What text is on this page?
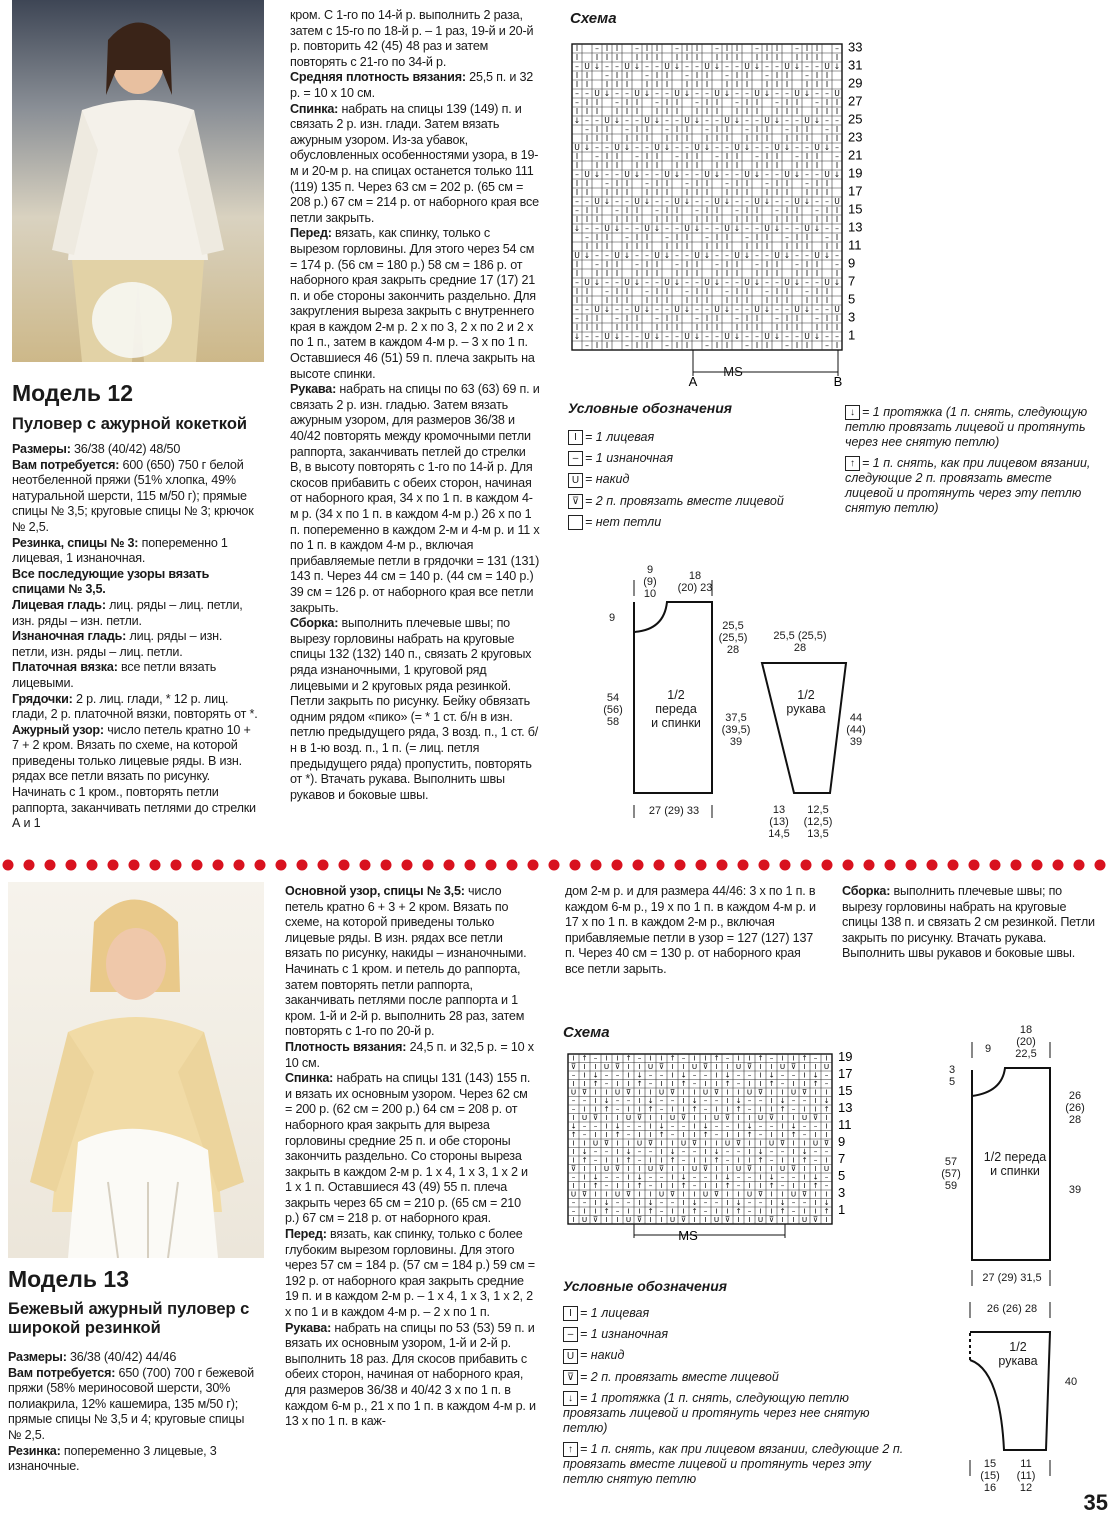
Модель 12
Пуловер с ажурной кокеткой

Размеры: 36/38 (40/42) 48/50

Вам потребуется: 600 (650) 750 г белой неотбеленной пряжи (51% хлопка, 49% натуральной шерсти, 115 м/50 г); прямые спицы № 3,5; круговые спицы № 3; крючок № 2,5.

Резинка, спицы № 3: попеременно 1 лицевая, 1 изнаночная.

Все последующие узоры вязать спицами № 3,5.

Лицевая гладь: лиц. ряды – лиц. петли, изн. ряды – изн. петли.

Изнаночная гладь: лиц. ряды – изн. петли, изн. ряды – лиц. петли.

Платочная вязка: все петли вязать лицевыми.

Грядочки: 2 р. лиц. глади, * 12 р. лиц. глади, 2 р. платочной вязки, повторять от *.

Ажурный узор: число петель кратно 10 + 7 + 2 кром. Вязать по схеме, на которой приведены только лицевые ряды. В изн. рядах все петли вязать по рисунку. Начинать с 1 кром., повторять петли раппорта, заканчивать петлями до стрелки А и 1

кром. С 1-го по 14-й р. выполнить 2 раза, затем с 15-го по 18-й р. – 1 раз, 19-й и 20-й р. повторить 42 (45) 48 раз и затем повторять с 21-го по 34-й р.

Средняя плотность вязания: 25,5 п. и 32 р. = 10 x 10 см.

Спинка: набрать на спицы 139 (149) п. и связать 2 р. изн. глади. Затем вязать ажурным узором. Из-за убавок, обусловленных особенностями узора, в 19-м и 20-м р. на спицах останется только 111 (119) 135 п. Через 63 см = 202 р. (65 см = 208 р.) 67 см = 214 р. от наборного края все петли закрыть.

Перед: вязать, как спинку, только с вырезом горловины. Для этого через 54 см = 174 р. (56 см = 180 р.) 58 см = 186 р. от наборного края закрыть средние 17 (17) 21 п. и обе стороны закончить раздельно. Для закругления выреза закрыть с внутреннего края в каждом 2-м р. 2 x по 3, 2 x по 2 и 2 x по 1 п., затем в каждом 4-м р. – 3 x по 1 п. Оставшиеся 46 (51) 59 п. плеча закрыть на высоте спинки.

Рукава: набрать на спицы по 63 (63) 69 п. и связать 2 р. изн. гладью. Затем вязать ажурным узором, для размеров 36/38 и 40/42 повторять между кромочными петли раппорта, заканчивать петлей до стрелки В, в высоту повторять с 1-го по 14-й р. Для скосов прибавить с обеих сторон, начиная от наборного края, 34 x по 1 п. в каждом 4-м р. (34 x по 1 п. в каждом 4-м р.) 26 x по 1 п. попеременно в каждом 2-м и 4-м р. и 11 x по 1 п. в каждом 4-м р., включая прибавляемые петли в грядочки = 131 (131) 143 п. Через 44 см = 140 р. (44 см = 140 р.) 39 см = 126 р. от наборного края все петли закрыть.

Сборка: выполнить плечевые швы; по вырезу горловины набрать на круговые спицы 132 (132) 140 п., связать 2 круговых ряда изнаночными, 1 круговой ряд лицевыми и 2 круговых ряда резинкой. Петли закрыть по рисунку. Бейку обвязать одним рядом «пико» (= * 1 ст. б/н в изн. петлю предыдущего ряда, 3 возд. п., 1 ст. б/н в 1-ю возд. п., 1 п. (= лиц. петля предыдущего ряда) пропустить, повторять от *). Втачать рукава. Выполнить швы рукавов и боковые швы.

Схема
I – I I – I I – I I – I I – I I – I I –
I I I I I I I I I I I I I I I I I I I I
– U ↓ – – U ↓ – – U ↓ – – U ↓ – – U ↓ – – U ↓ – – U ↓
I I – I I – I I – I I – I I – I I – I I
I I I I I I I I I I I I I I I I I I I I
– – U ↓ – – U ↓ – – U ↓ – – U ↓ – – U ↓ – – U ↓ – – U
– I I – I I – I I – I I – I I – I I – I I
I I I I I I I I I I I I I I I I I I I I I
↓ – – U ↓ – – U ↓ – – U ↓ – – U ↓ – – U ↓ – – U ↓ – –
– I I – I I – I I – I I – I I – I I – I
I I I I I I I I I I I I I I I I I I I I
U ↓ – – U ↓ – – U ↓ – – U ↓ – – U ↓ – – U ↓ – – U ↓ –
I – I I – I I – I I – I I – I I – I I –
I I I I I I I I I I I I I I I I I I I I
– U ↓ – – U ↓ – – U ↓ – – U ↓ – – U ↓ – – U ↓ – – U ↓
I I – I I – I I – I I – I I – I I – I I
I I I I I I I I I I I I I I I I I I I I
– – U ↓ – – U ↓ – – U ↓ – – U ↓ – – U ↓ – – U ↓ – – U
– I I – I I – I I – I I – I I – I I – I I
I I I I I I I I I I I I I I I I I I I I I
↓ – – U ↓ – – U ↓ – – U ↓ – – U ↓ – – U ↓ – – U ↓ – –
– I I – I I – I I – I I – I I – I I – I
I I I I I I I I I I I I I I I I I I I I
U ↓ – – U ↓ – – U ↓ – – U ↓ – – U ↓ – – U ↓ – – U ↓ –
I – I I – I I – I I – I I – I I – I I –
I I I I I I I I I I I I I I I I I I I I
– U ↓ – – U ↓ – – U ↓ – – U ↓ – – U ↓ – – U ↓ – – U ↓
I I – I I – I I – I I – I I – I I – I I
I I I I I I I I I I I I I I I I I I I I
– – U ↓ – – U ↓ – – U ↓ – – U ↓ – – U ↓ – – U ↓ – – U
– I I – I I – I I – I I – I I – I I – I I
I I I I I I I I I I I I I I I I I I I I I
↓ – – U ↓ – – U ↓ – – U ↓ – – U ↓ – – U ↓ – – U ↓ – –
– I I – I I – I I – I I – I I – I I – I
33
31
29
27
25
23
21
19
17
15
13
11
9
7
5
3
1
A	B
MS
Условные обозначения
I = 1 лицевая
– = 1 изнаночная
U = накид
⊽ = 2 п. провязать вместе лицевой
= нет петли
↓ = 1 протяжка (1 п. снять, следующую петлю провязать лицевой и протянуть через нее снятую петлю)
↑ = 1 п. снять, как при лицевом вязании, следующие 2 п. провязать вместе лицевой и протянуть через эту петлю снятую петлю)
9
(9)
10
18
(20) 23
9
25,5
(25,5)
28
54
(56)
58
1/2
переда
и спинки	37,5
(39,5)
39
27 (29) 33
25,5 (25,5)
28
1/2
рукава
44
(44)
39
13
(13)
14,5
12,5
(12,5)
13,5
Модель 13
Бежевый ажурный пуловер с широкой резинкой

Размеры: 36/38 (40/42) 44/46

Вам потребуется: 650 (700) 700 г бежевой пряжи (58% мериносовой шерсти, 30% полиакрила, 12% кашемира, 135 м/50 г); прямые спицы № 3,5 и 4; круговые спицы № 2,5.

Резинка: попеременно 3 лицевые, 3 изнаночные.

Основной узор, спицы № 3,5: число петель кратно 6 + 3 + 2 кром. Вязать по схеме, на которой приведены только лицевые ряды. В изн. рядах все петли вязать по рисунку, накиды – изнаночными. Начинать с 1 кром. и петель до раппорта, затем повторять петли раппорта, заканчивать петлями после раппорта и 1 кром. 1-й и 2-й р. выполнить 28 раз, затем повторять с 1-го по 20-й р.

Плотность вязания: 24,5 п. и 32,5 р. = 10 x 10 см.

Спинка: набрать на спицы 131 (143) 155 п. и вязать их основным узором. Через 62 см = 200 р. (62 см = 200 р.) 64 см = 208 р. от наборного края закрыть для выреза горловины средние 25 п. и обе стороны закончить раздельно. Со стороны выреза закрыть в каждом 2-м р. 1 x 4, 1 x 3, 1 x 2 и 1 x 1 п. Оставшиеся 43 (49) 55 п. плеча закрыть через 65 см = 210 р. (65 см = 210 р.) 67 см = 218 р. от наборного края.

Перед: вязать, как спинку, только с более глубоким вырезом горловины. Для этого через 57 см = 184 р. (57 см = 184 р.) 59 см = 192 р. от наборного края закрыть средние 19 п. и в каждом 2-м р. – 1 x 4, 1 x 3, 1 x 2, 2 x по 1 и в каждом 4-м р. – 2 x по 1 п.

Рукава: набрать на спицы по 53 (53) 59 п. и вязать их основным узором, 1-й и 2-й р. выполнить 18 раз. Для скосов прибавить с обеих сторон, начиная от наборного края, для размеров 36/38 и 40/42 3 x по 1 п. в каждом 6-м р., 21 x по 1 п. в каждом 4-м р. и 13 x по 1 п. в каж-

дом 2-м р. и для размера 44/46: 3 x по 1 п. в каждом 6-м р., 19 x по 1 п. в каждом 4-м р. и 17 x по 1 п. в каждом 2-м р., включая прибавляемые петли в узор = 127 (127) 137 п. Через 40 см = 130 р. от наборного края все петли зарыть.
Сборка: выполнить плечевые швы; по вырезу горловины набрать на круговые спицы 138 п. и связать 2 см резинкой. Петли закрыть по рисунку. Втачать рукава. Выполнить швы рукавов и боковые швы.
Схема
I ↑ – I I ↑ – I I ↑ – I I ↑ – I I ↑ – I I ↑ – I
⊽ I I U ⊽ I I U ⊽ I I U ⊽ I I U ⊽ I I U ⊽ I I U
– I ↓ – – I ↓ – – I ↓ – – I ↓ – – I ↓ – – I ↓ –
I I ↑ – I I ↑ – I I ↑ – I I ↑ – I I ↑ – I I ↑ –
U ⊽ I I U ⊽ I I U ⊽ I I U ⊽ I I U ⊽ I I U ⊽ I I
– – I ↓ – – I ↓ – – I ↓ – – I ↓ – – I ↓ – – I ↓
– I I ↑ – I I ↑ – I I ↑ – I I ↑ – I I ↑ – I I ↑
I U ⊽ I I U ⊽ I I U ⊽ I I U ⊽ I I U ⊽ I I U ⊽ I
↓ – – I ↓ – – I ↓ – – I ↓ – – I ↓ – – I ↓ – – I
↑ – I I ↑ – I I ↑ – I I ↑ – I I ↑ – I I ↑ – I I
I I U ⊽ I I U ⊽ I I U ⊽ I I U ⊽ I I U ⊽ I I U ⊽
I ↓ – – I ↓ – – I ↓ – – I ↓ – – I ↓ – – I ↓ – –
I ↑ – I I ↑ – I I ↑ – I I ↑ – I I ↑ – I I ↑ – I
⊽ I I U ⊽ I I U ⊽ I I U ⊽ I I U ⊽ I I U ⊽ I I U
– I ↓ – – I ↓ – – I ↓ – – I ↓ – – I ↓ – – I ↓ –
I I ↑ – I I ↑ – I I ↑ – I I ↑ – I I ↑ – I I ↑ –
U ⊽ I I U ⊽ I I U ⊽ I I U ⊽ I I U ⊽ I I U ⊽ I I
– – I ↓ – – I ↓ – – I ↓ – – I ↓ – – I ↓ – – I ↓
– I I ↑ – I I ↑ – I I ↑ – I I ↑ – I I ↑ – I I ↑
I U ⊽ I I U ⊽ I I U ⊽ I I U ⊽ I I U ⊽ I I U ⊽ I
19
17
15
13
11
9
7
5
3
1
MS
Условные обозначения
I = 1 лицевая
– = 1 изнаночная
U = накид
⊽ = 2 п. провязать вместе лицевой
↓ = 1 протяжка (1 п. снять, следующую петлю провязать лицевой и протянуть через нее снятую петлю)
↑ = 1 п. снять, как при лицевом вязании, следующие 2 п. провязать вместе лицевой и протянуть через эту петлю снятую петлю
18
(20)
22,5
9
3
5
26
(26)
28
57
(57)
59
1/2 переда
и спинки
39
27 (29) 31,5
26 (26) 28
1/2
рукава
40
15
(15)
16
11
(11)
12
35
